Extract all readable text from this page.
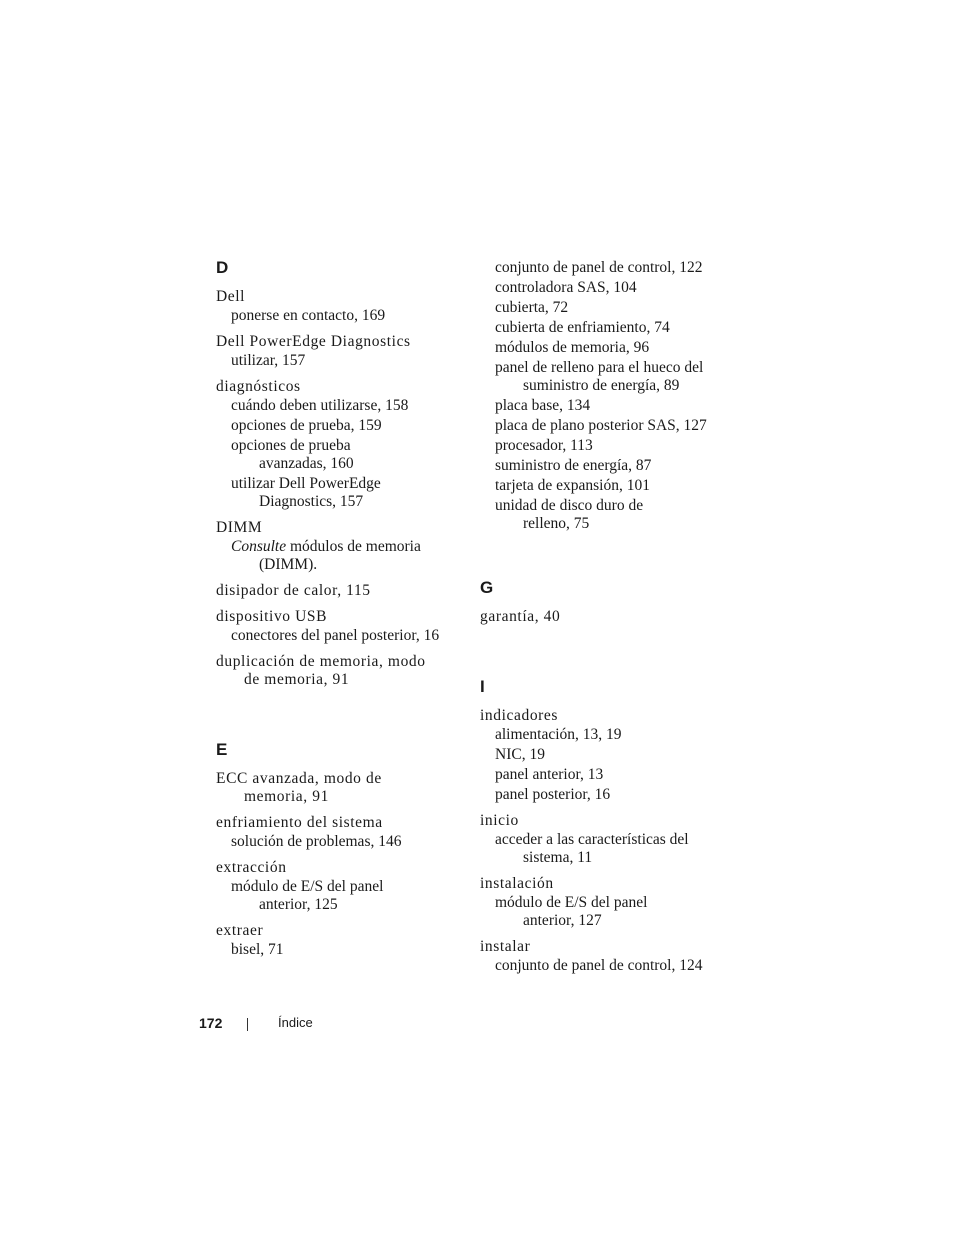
D
Dell
ponerse en contacto, 169
Dell PowerEdge Diagnostics
utilizar, 157
diagnósticos
cuándo deben utilizarse, 158
opciones de prueba, 159
opciones de prueba
avanzadas, 160
utilizar Dell PowerEdge
Diagnostics, 157
DIMM
Consulte módulos de memoria
(DIMM).
disipador de calor, 115
dispositivo USB
conectores del panel posterior, 16
duplicación de memoria, modo
de memoria, 91
E
ECC avanzada, modo de
memoria, 91
enfriamiento del sistema
solución de problemas, 146
extracción
módulo de E/S del panel
anterior, 125
extraer
bisel, 71
conjunto de panel de control, 122
controladora SAS, 104
cubierta, 72
cubierta de enfriamiento, 74
módulos de memoria, 96
panel de relleno para el hueco del
suministro de energía, 89
placa base, 134
placa de plano posterior SAS, 127
procesador, 113
suministro de energía, 87
tarjeta de expansión, 101
unidad de disco duro de
relleno, 75
G
garantía, 40
I
indicadores
alimentación, 13, 19
NIC, 19
panel anterior, 13
panel posterior, 16
inicio
acceder a las características del
sistema, 11
instalación
módulo de E/S del panel
anterior, 127
instalar
conjunto de panel de control, 124
172	Índice
